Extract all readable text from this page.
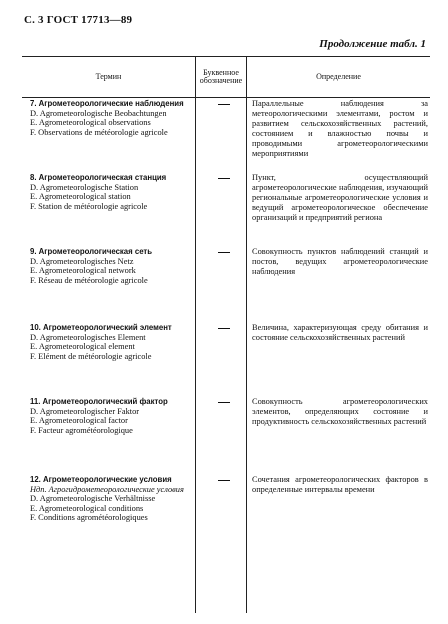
С. 3 ГОСТ 17713—89
Продолжение табл. 1
Термин	Буквенное обозначение	Определение
7. Агрометеорологические наблюдения
D. Agrometeorologische Beobachtungen
E. Agrometeorological observations
F. Observations de météorologie agricole
Параллельные наблюдения за метеорологическими элементами, ростом и развитием сельскохозяйственных растений, состоянием и влажностью почвы и проводимыми агрометеорологическими мероприятиями
8. Агрометеорологическая станция
D. Agrometeorologische Station
E. Agrometeorological station
F. Station de météorologie agricole
Пункт, осуществляющий агрометеорологические наблюдения, изучающий региональные агрометеорологические условия и ведущий агрометеорологическое обеспечение организаций и предприятий региона
9. Агрометеорологическая сеть
D. Agrometeorologisches Netz
E. Agrometeorological network
F. Réseau de météorologie agricole
Совокупность пунктов наблюдений станций и постов, ведущих агрометеорологические наблюдения
10. Агрометеорологический элемент
D. Agrometeorologisches Element
E. Agrometeorological element
F. Elément de météorologie agricole
Величина, характеризующая среду обитания и состояние сельскохозяйственных растений
11. Агрометеорологический фактор
D. Agrometeorologischer Faktor
E. Agrometeorological factor
F. Facteur agrométéorologique
Совокупность агрометеорологических элементов, определяющих состояние и продуктивность сельскохозяйственных растений
12. Агрометеорологические условия
Ндп. Агрогидрометеорологические условия
D. Agrometeorologische Verhältnisse
E. Agrometeorological conditions
F. Conditions agrométéorologiques
Сочетания агрометеорологических факторов в определенные интервалы времени
